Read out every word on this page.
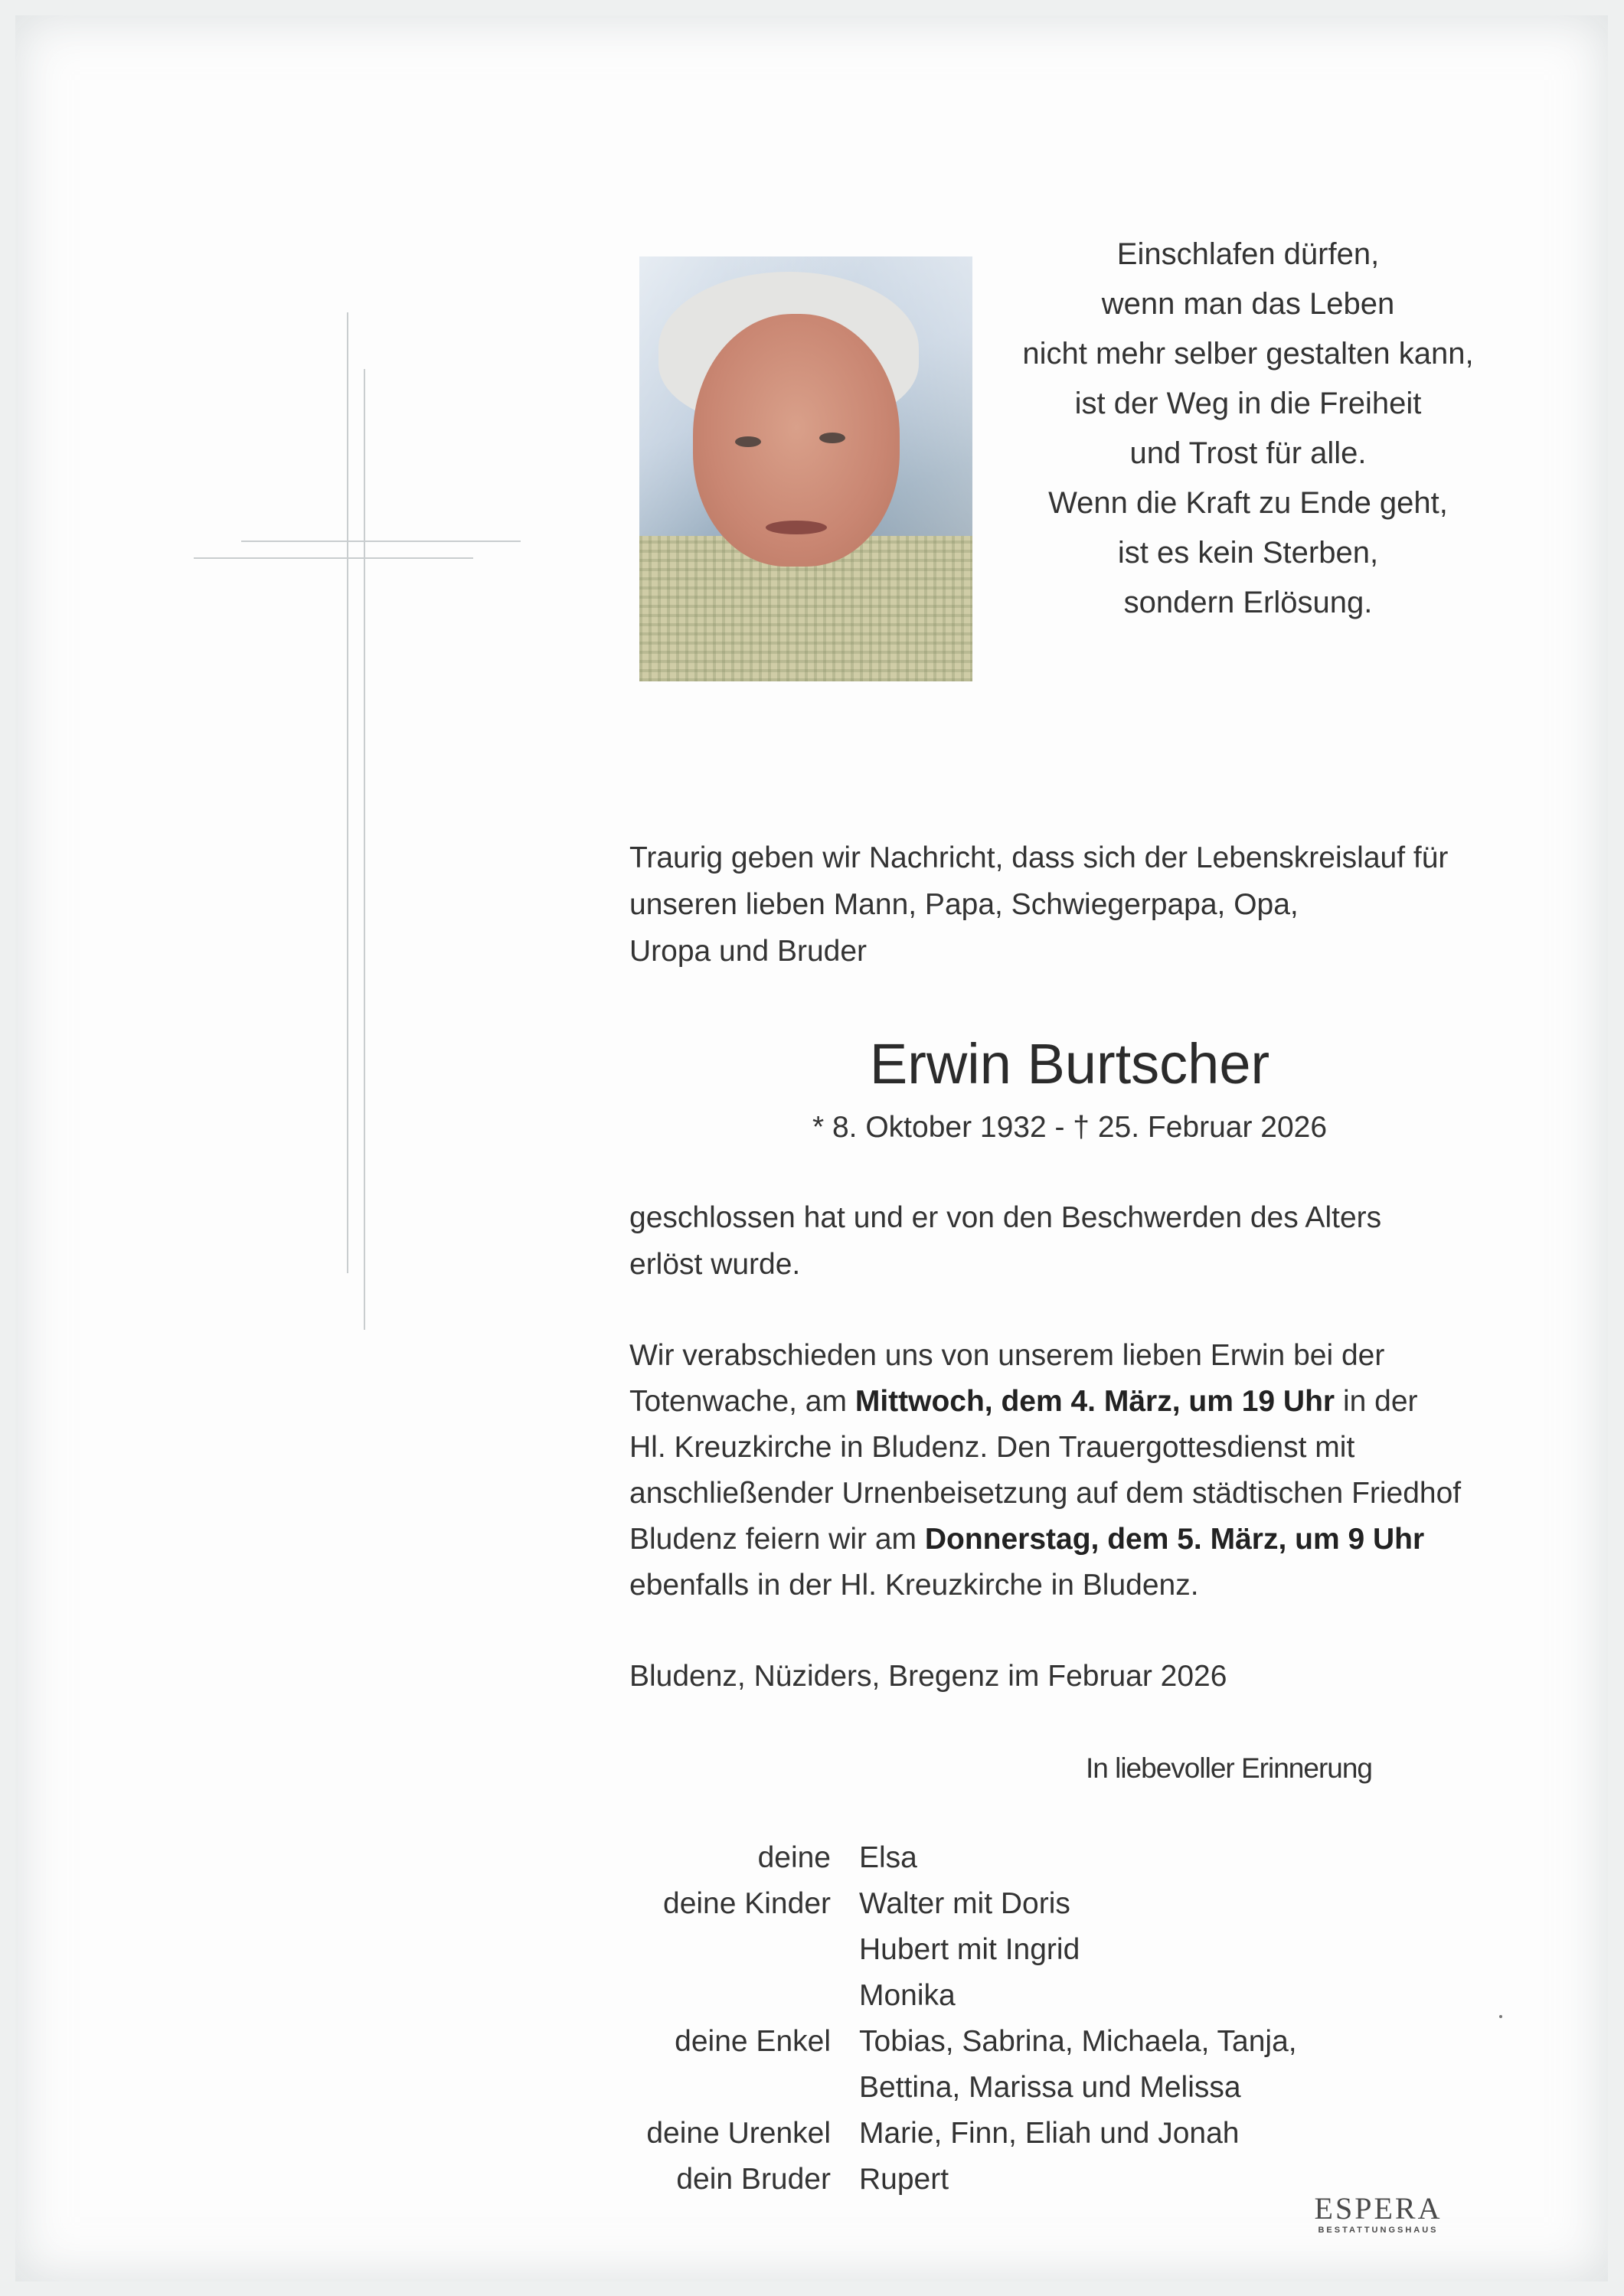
Einschlafen dürfen,
wenn man das Leben
nicht mehr selber gestalten kann,
ist der Weg in die Freiheit
und Trost für alle.
Wenn die Kraft zu Ende geht,
ist es kein Sterben,
sondern Erlösung.
Traurig geben wir Nachricht, dass sich der Lebenskreislauf für
unseren lieben Mann, Papa, Schwiegerpapa, Opa,
Uropa und Bruder
Erwin Burtscher
* 8. Oktober 1932 - † 25. Februar 2026
geschlossen hat und er von den Beschwerden des Alters
erlöst wurde.
Wir verabschieden uns von unserem lieben Erwin bei der
Totenwache, am Mittwoch, dem 4. März, um 19 Uhr in der
Hl. Kreuzkirche in Bludenz. Den Trauergottesdienst mit
anschließender Urnenbeisetzung auf dem städtischen Friedhof
Bludenz feiern wir am Donnerstag, dem 5. März, um 9 Uhr
ebenfalls in der Hl. Kreuzkirche in Bludenz.
Bludenz, Nüziders, Bregenz im Februar 2026
In liebevoller Erinnerung
deine Elsa
deine Kinder Walter mit Doris
Hubert mit Ingrid
Monika
deine Enkel Tobias, Sabrina, Michaela, Tanja,
Bettina, Marissa und Melissa
deine Urenkel Marie, Finn, Eliah und Jonah
dein Bruder Rupert
ESPERA
BESTATTUNGSHAUS
